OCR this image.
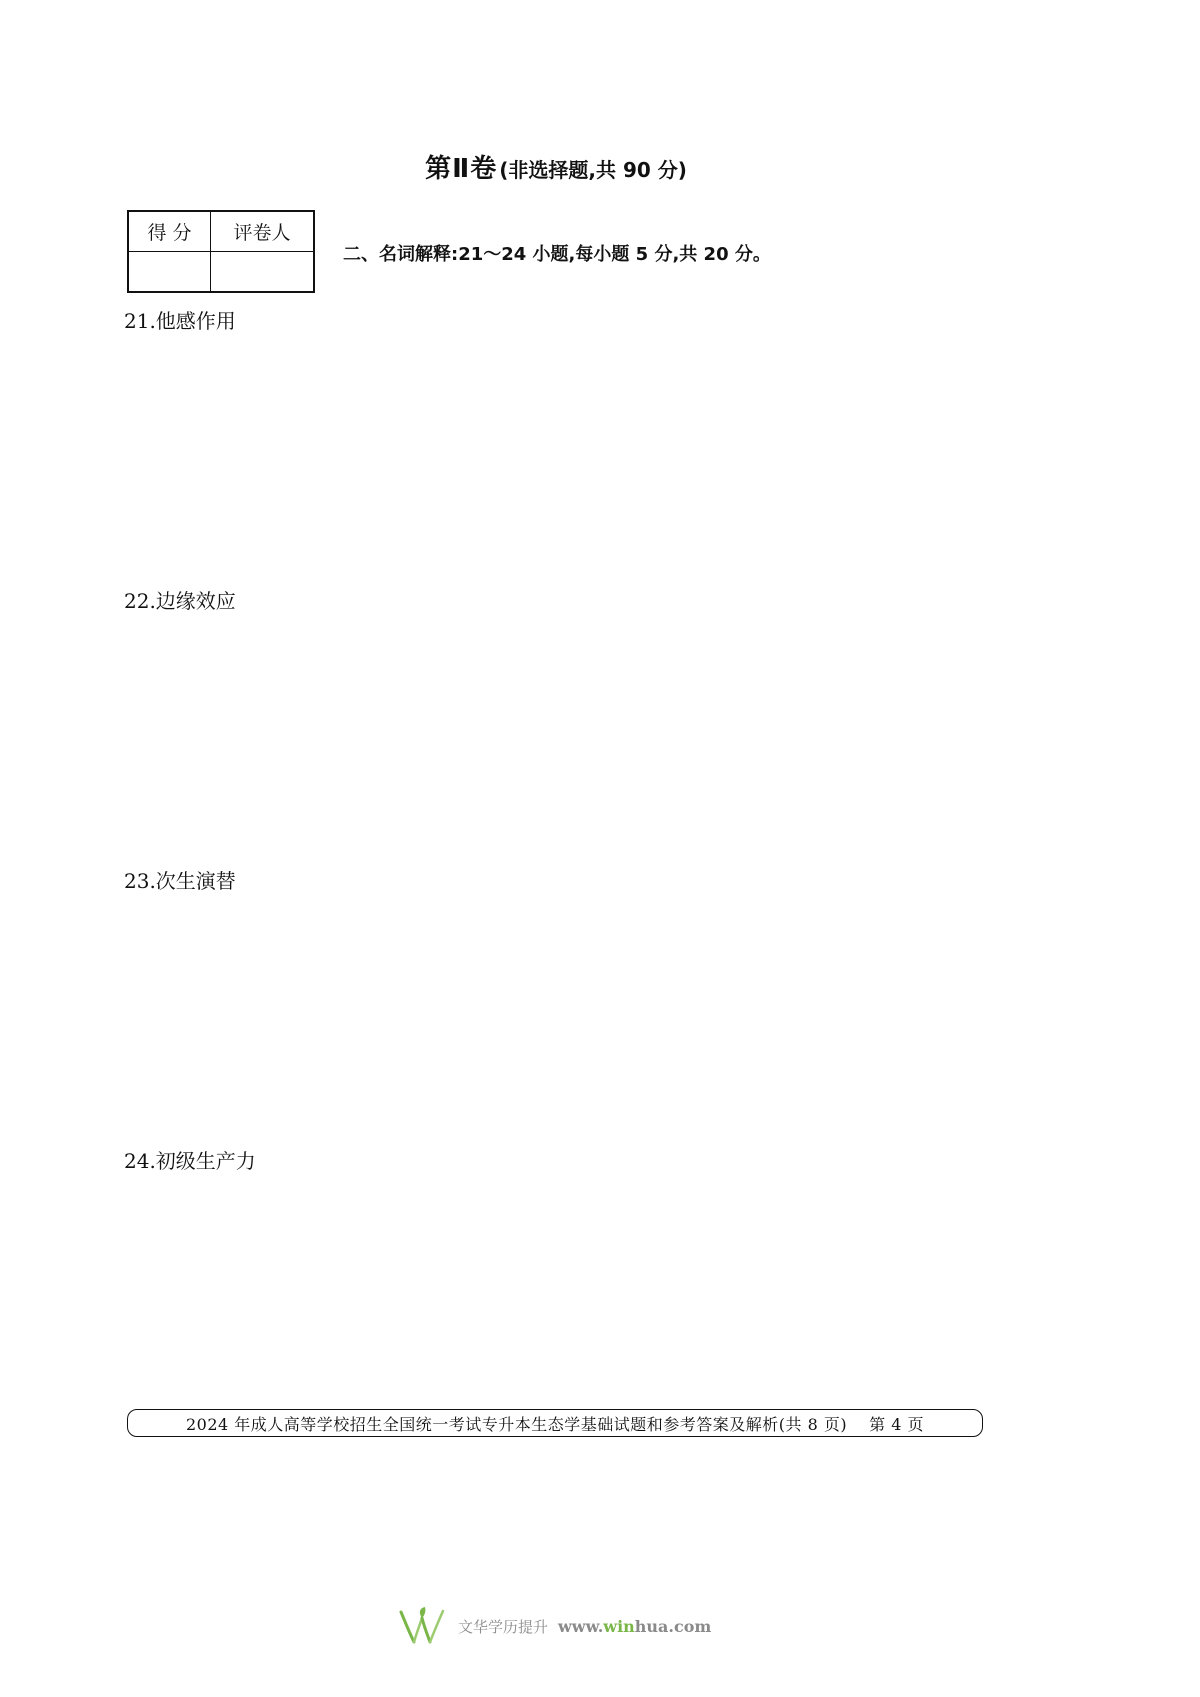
第Ⅱ卷 (非选择题,共 90 分)
得 分	评卷人
二、名词解释:21～24 小题,每小题 5 分,共 20 分。
21.他感作用
22.边缘效应
23.次生演替
24.初级生产力
2024 年成人高等学校招生全国统一考试专升本生态学基础试题和参考答案及解析(共 8 页) 第 4 页
文华学历提升 www.winhua.com
